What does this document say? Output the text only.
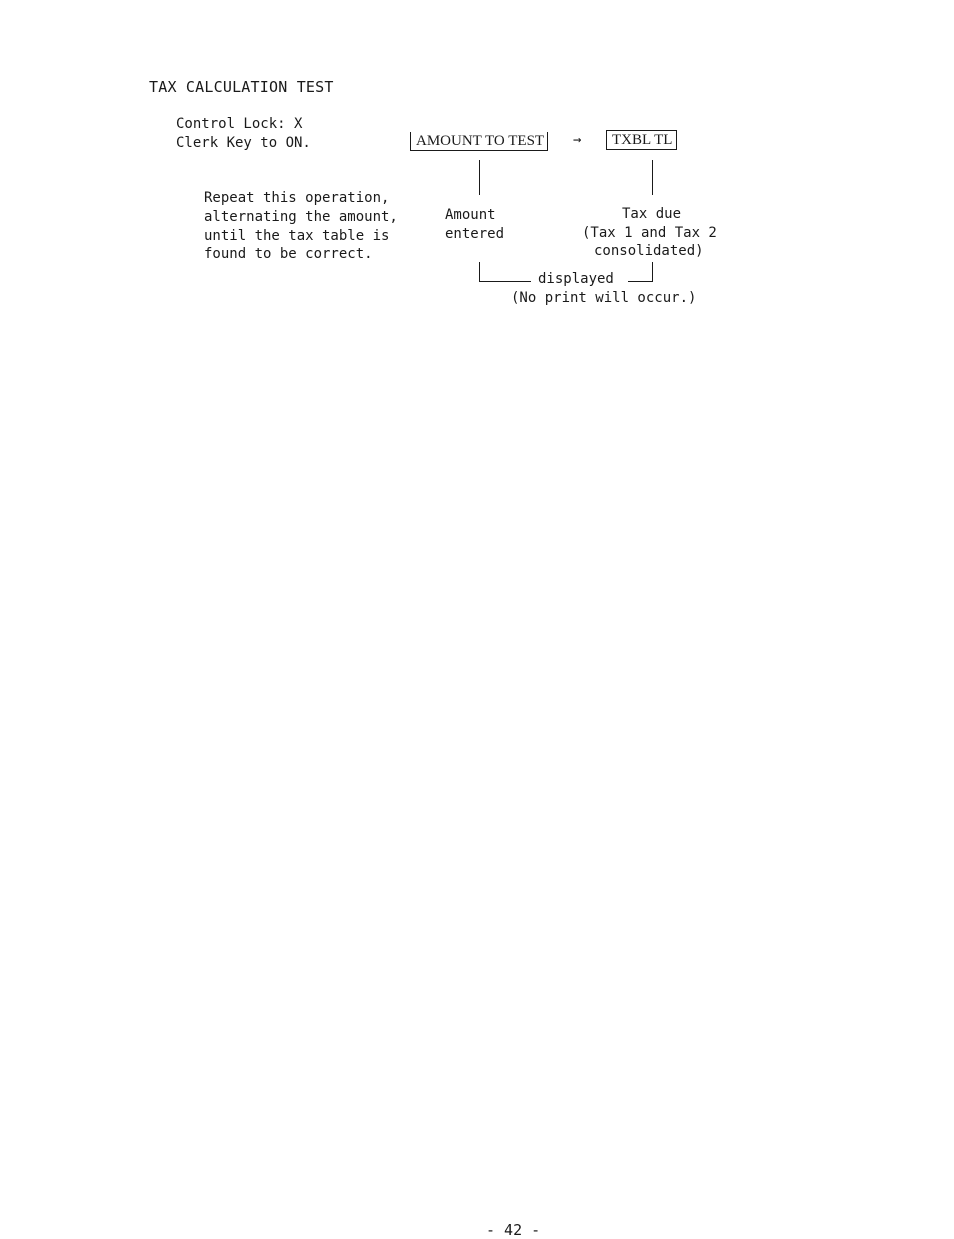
TAX CALCULATION TEST
Control Lock: X
Clerk Key to ON.	AMOUNT TO TEST →	TXBL TL
Repeat this operation,
alternating the amount,
until the tax table is
found to be correct.
Amount
entered
Tax due
(Tax 1 and Tax 2
consolidated)
displayed
(No print will occur.)
- 42 -
